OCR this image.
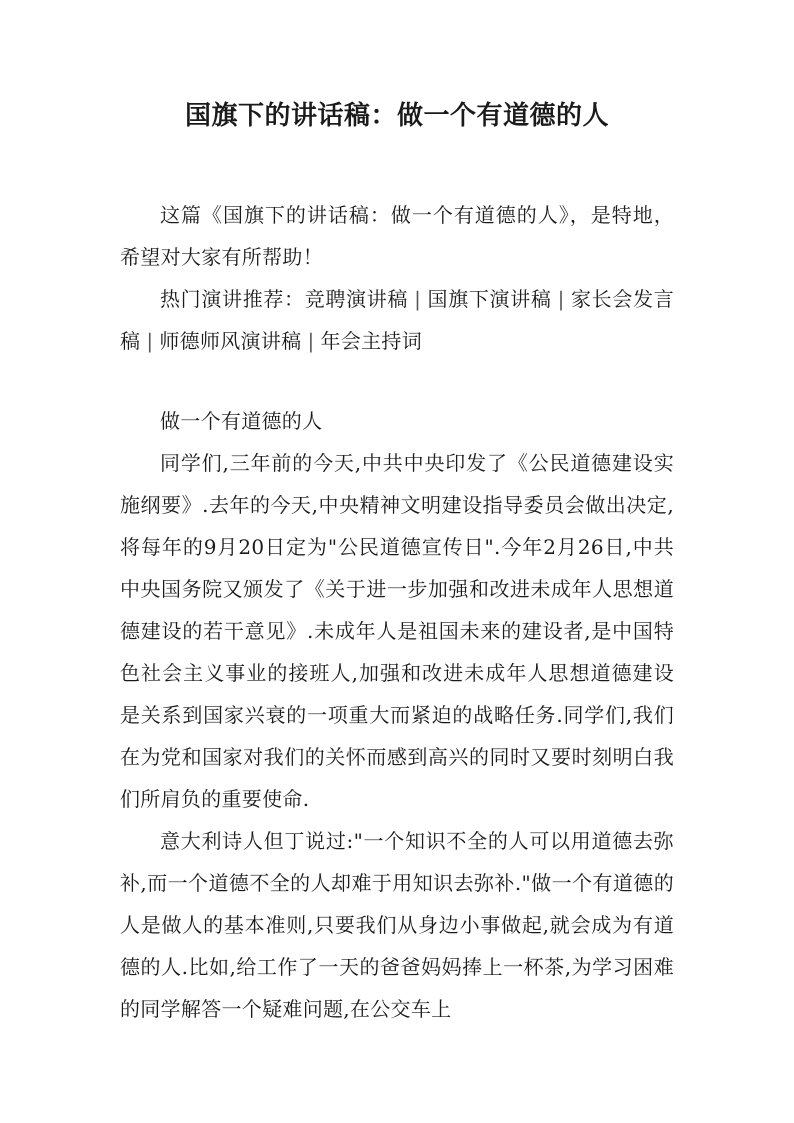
国旗下的讲话稿：做一个有道德的人

这篇《国旗下的讲话稿：做一个有道德的人》，是特地，希望对大家有所帮助！

热门演讲推荐：竞聘演讲稿 | 国旗下演讲稿 | 家长会发言稿 | 师德师风演讲稿 | 年会主持词

做一个有道德的人

同学们,三年前的今天,中共中央印发了《公民道德建设实施纲要》.去年的今天,中央精神文明建设指导委员会做出决定,将每年的9月20日定为"公民道德宣传日".今年2月26日,中共中央国务院又颁发了《关于进一步加强和改进未成年人思想道德建设的若干意见》.未成年人是祖国未来的建设者,是中国特色社会主义事业的接班人,加强和改进未成年人思想道德建设是关系到国家兴衰的一项重大而紧迫的战略任务.同学们,我们在为党和国家对我们的关怀而感到高兴的同时又要时刻明白我们所肩负的重要使命.

意大利诗人但丁说过:"一个知识不全的人可以用道德去弥补,而一个道德不全的人却难于用知识去弥补."做一个有道德的人是做人的基本准则,只要我们从身边小事做起,就会成为有道德的人.比如,给工作了一天的爸爸妈妈捧上一杯茶,为学习困难的同学解答一个疑难问题,在公交车上
